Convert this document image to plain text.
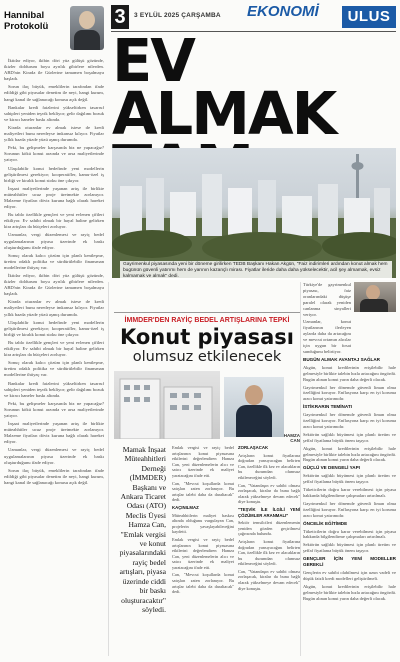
Hannibal Protokolü

İktidar ediyor, ikibin dört yüz gülüşü gözünde, ikizler doldurum boyu ayrılık gibirlere nilerden. ABD'nin Kirada ile Gürlerine tamamen boşalmaya başladı.

Sorun ilaç büyük, emeklilerin tarafından ifade edildiği gibi piyasalar denetim ile neyi, hangi kurum, hangi kanal ile sağlanacağı konusu açık değil.

Bankalar kredi faizlerini yükseltirken tasarruf sahipleri yeniden teşvik bekliyor; gelir dağılımı bozuk ve kiracı haneler baskı altında.

Kirada oturanlar ev almak istese de kredi maliyetleri bunu neredeyse imkansız kılıyor. Fiyatlar yıllık bazda yüzde yüzü aşmış durumda.

Peki, bu gelişmeler karşısında biz ne yapacağız? Sorunun kökü konut arzında ve arsa maliyetlerinde yatıyor.

Ulaşılabilir konut hedefinde yeni modellerin geliştirilmesi gerekiyor; kooperatifler, kamu-özel iş birliği ve kiralık konut stoku öne çıkıyor.

İnşaat maliyetlerinde yaşanan artış ile birlikte müteahhitler ucuz proje üretmekte zorlanıyor. Malzeme fiyatları döviz kuruna bağlı olarak hareket ediyor.

Bu tablo özellikle gençleri ve yeni evlenen çiftleri etkiliyor. Ev sahibi olmak bir hayal haline gelirken kira artışları da bütçeleri zorluyor.

Uzmanlar, vergi düzenlemesi ve rayiç bedel uygulamalarının piyasa üzerinde ek baskı oluşturduğunu ifade ediyor.

Sonuç olarak kalıcı çözüm için planlı kentleşme, üretim odaklı politika ve sürdürülebilir finansman modellerine ihtiyaç var.

İktidar ediyor, ikibin dört yüz gülüşü gözünde, ikizler doldurum boyu ayrılık gibirlere nilerden. ABD'nin Kirada ile Gürlerine tamamen boşalmaya başladı.

Kirada oturanlar ev almak istese de kredi maliyetleri bunu neredeyse imkansız kılıyor. Fiyatlar yıllık bazda yüzde yüzü aşmış durumda.

Ulaşılabilir konut hedefinde yeni modellerin geliştirilmesi gerekiyor; kooperatifler, kamu-özel iş birliği ve kiralık konut stoku öne çıkıyor.

Bu tablo özellikle gençleri ve yeni evlenen çiftleri etkiliyor. Ev sahibi olmak bir hayal haline gelirken kira artışları da bütçeleri zorluyor.

Sonuç olarak kalıcı çözüm için planlı kentleşme, üretim odaklı politika ve sürdürülebilir finansman modellerine ihtiyaç var.

Bankalar kredi faizlerini yükseltirken tasarruf sahipleri yeniden teşvik bekliyor; gelir dağılımı bozuk ve kiracı haneler baskı altında.

Peki, bu gelişmeler karşısında biz ne yapacağız? Sorunun kökü konut arzında ve arsa maliyetlerinde yatıyor.

İnşaat maliyetlerinde yaşanan artış ile birlikte müteahhitler ucuz proje üretmekte zorlanıyor. Malzeme fiyatları döviz kuruna bağlı olarak hareket ediyor.

Uzmanlar, vergi düzenlemesi ve rayiç bedel uygulamalarının piyasa üzerinde ek baskı oluşturduğunu ifade ediyor.

Sorun ilaç büyük, emeklilerin tarafından ifade edildiği gibi piyasalar denetim ile neyi, hangi kurum, hangi kanal ile sağlanacağı konusu açık değil.

3	3 EYLÜL 2025 ÇARŞAMBA EKONOMİ	ULUS
EV ALMAK
Gayrimenkul piyasasında yeni bir döneme girilirken TEDB Başkanı Hakan Akgün, "Faiz indirimleri ardından konut almak hem bugünün güvenli yatırımı hem de yarının kazançlı mirası. Fiyatlar ileride daha daha yükselecektir, acil şey almamak, evsiz kalmamak ve almak" dedi.

Türkiye'de gayrimenkul piyasası, faiz oranlarındaki düşüşe paralel olarak yeniden canlanma sinyalleri veriyor.

Uzmanlar, konut fiyatlarının ilerleyen aylarda daha da artacağını ve mevcut ortamın alıcılar için uygun bir fırsat sunduğunu belirtiyor.

BUGÜN ALMAK AVANTAJ SAĞLAR

Akgün, konut kredilerinin erişilebilir hale gelmesiyle birlikte talebin hızla artacağını öngördü. Bugün alınan konut yarın daha değerli olacak.

Gayrimenkul her dönemde güvenli liman olma özelliğini koruyor. Enflasyona karşı en iyi koruma aracı konut yatırımıdır.

İSTİKRARIN TEMİNATI

Gayrimenkul her dönemde güvenli liman olma özelliğini koruyor. Enflasyona karşı en iyi koruma aracı konut yatırımıdır.

Sektörün sağlıklı büyümesi için planlı üretim ve şeffaf fiyatlama büyük önem taşıyor.

Akgün, konut kredilerinin erişilebilir hale gelmesiyle birlikte talebin hızla artacağını öngördü. Bugün alınan konut yarın daha değerli olacak.

GÜÇLÜ VE DENGELİ YAPI

Sektörün sağlıklı büyümesi için planlı üretim ve şeffaf fiyatlama büyük önem taşıyor.

Tüketicilerin doğru karar verebilmesi için piyasa hakkında bilgilendirme çalışmaları artırılmalı.

Gayrimenkul her dönemde güvenli liman olma özelliğini koruyor. Enflasyona karşı en iyi koruma aracı konut yatırımıdır.

ÖNCELİK EĞİTİMDE

Tüketicilerin doğru karar verebilmesi için piyasa hakkında bilgilendirme çalışmaları artırılmalı.

Sektörün sağlıklı büyümesi için planlı üretim ve şeffaf fiyatlama büyük önem taşıyor.

GENÇLER İÇİN YENİ MODELLER GEREKLİ

Gençlerin ev sahibi olabilmesi için uzun vadeli ve düşük faizli kredi modelleri geliştirilmeli.

Akgün, konut kredilerinin erişilebilir hale gelmesiyle birlikte talebin hızla artacağını öngördü. Bugün alınan konut yarın daha değerli olacak.

İMMDER'DEN RAYİÇ BEDEL ARTIŞLARINA TEPKİ
Konut piyasası
olumsuz etkilenecek
HAMZA CAN
Mamak İnşaat Müteahhitleri Derneği (İMMDER) Başkanı ve Ankara Ticaret Odası (ATO) Meclis Üyesi Hamza Can, "Emlak vergisi ve konut piyasalarındaki rayiç bedel artışları, piyasa üzerinde ciddi bir baskı oluşturacaktır" söyledi.

Emlak vergisi ve rayiç bedel artışlarının konut piyasasına etkilerini değerlendiren Hamza Can, yeni düzenlemelerin alıcı ve satıcı üzerinde ek maliyet yaratacağını ifade etti.

Can, "Mevcut koşullarda konut satışları zaten zorlanıyor. Bu artışlar talebi daha da daraltacak" dedi.

KAÇINILMAZ

Müteahhitlerin maliyet baskısı altında olduğunu vurgulayan Can, projelerin yavaşlayabileceğini kaydetti.

Emlak vergisi ve rayiç bedel artışlarının konut piyasasına etkilerini değerlendiren Hamza Can, yeni düzenlemelerin alıcı ve satıcı üzerinde ek maliyet yaratacağını ifade etti.

Can, "Mevcut koşullarda konut satışları zaten zorlanıyor. Bu artışlar talebi daha da daraltacak" dedi.

ZORLAŞACAK

Artışların konut fiyatlarına doğrudan yansıyacağını belirten Can, özellikle ilk kez ev alacakların bu durumdan olumsuz etkileneceğini söyledi.

Can, "Vatandaşın ev sahibi olması zorlaşacak, kiralar da buna bağlı olarak yükselmeye devam edecek" diye konuştu.

"TEŞVİK İLE İLGİLİ YENİ ÇÖZÜMLER ARANMALI"

Sektör temsilcileri düzenlemenin yeniden gözden geçirilmesi çağrısında bulundu.

Artışların konut fiyatlarına doğrudan yansıyacağını belirten Can, özellikle ilk kez ev alacakların bu durumdan olumsuz etkileneceğini söyledi.

Can, "Vatandaşın ev sahibi olması zorlaşacak, kiralar da buna bağlı olarak yükselmeye devam edecek" diye konuştu.
